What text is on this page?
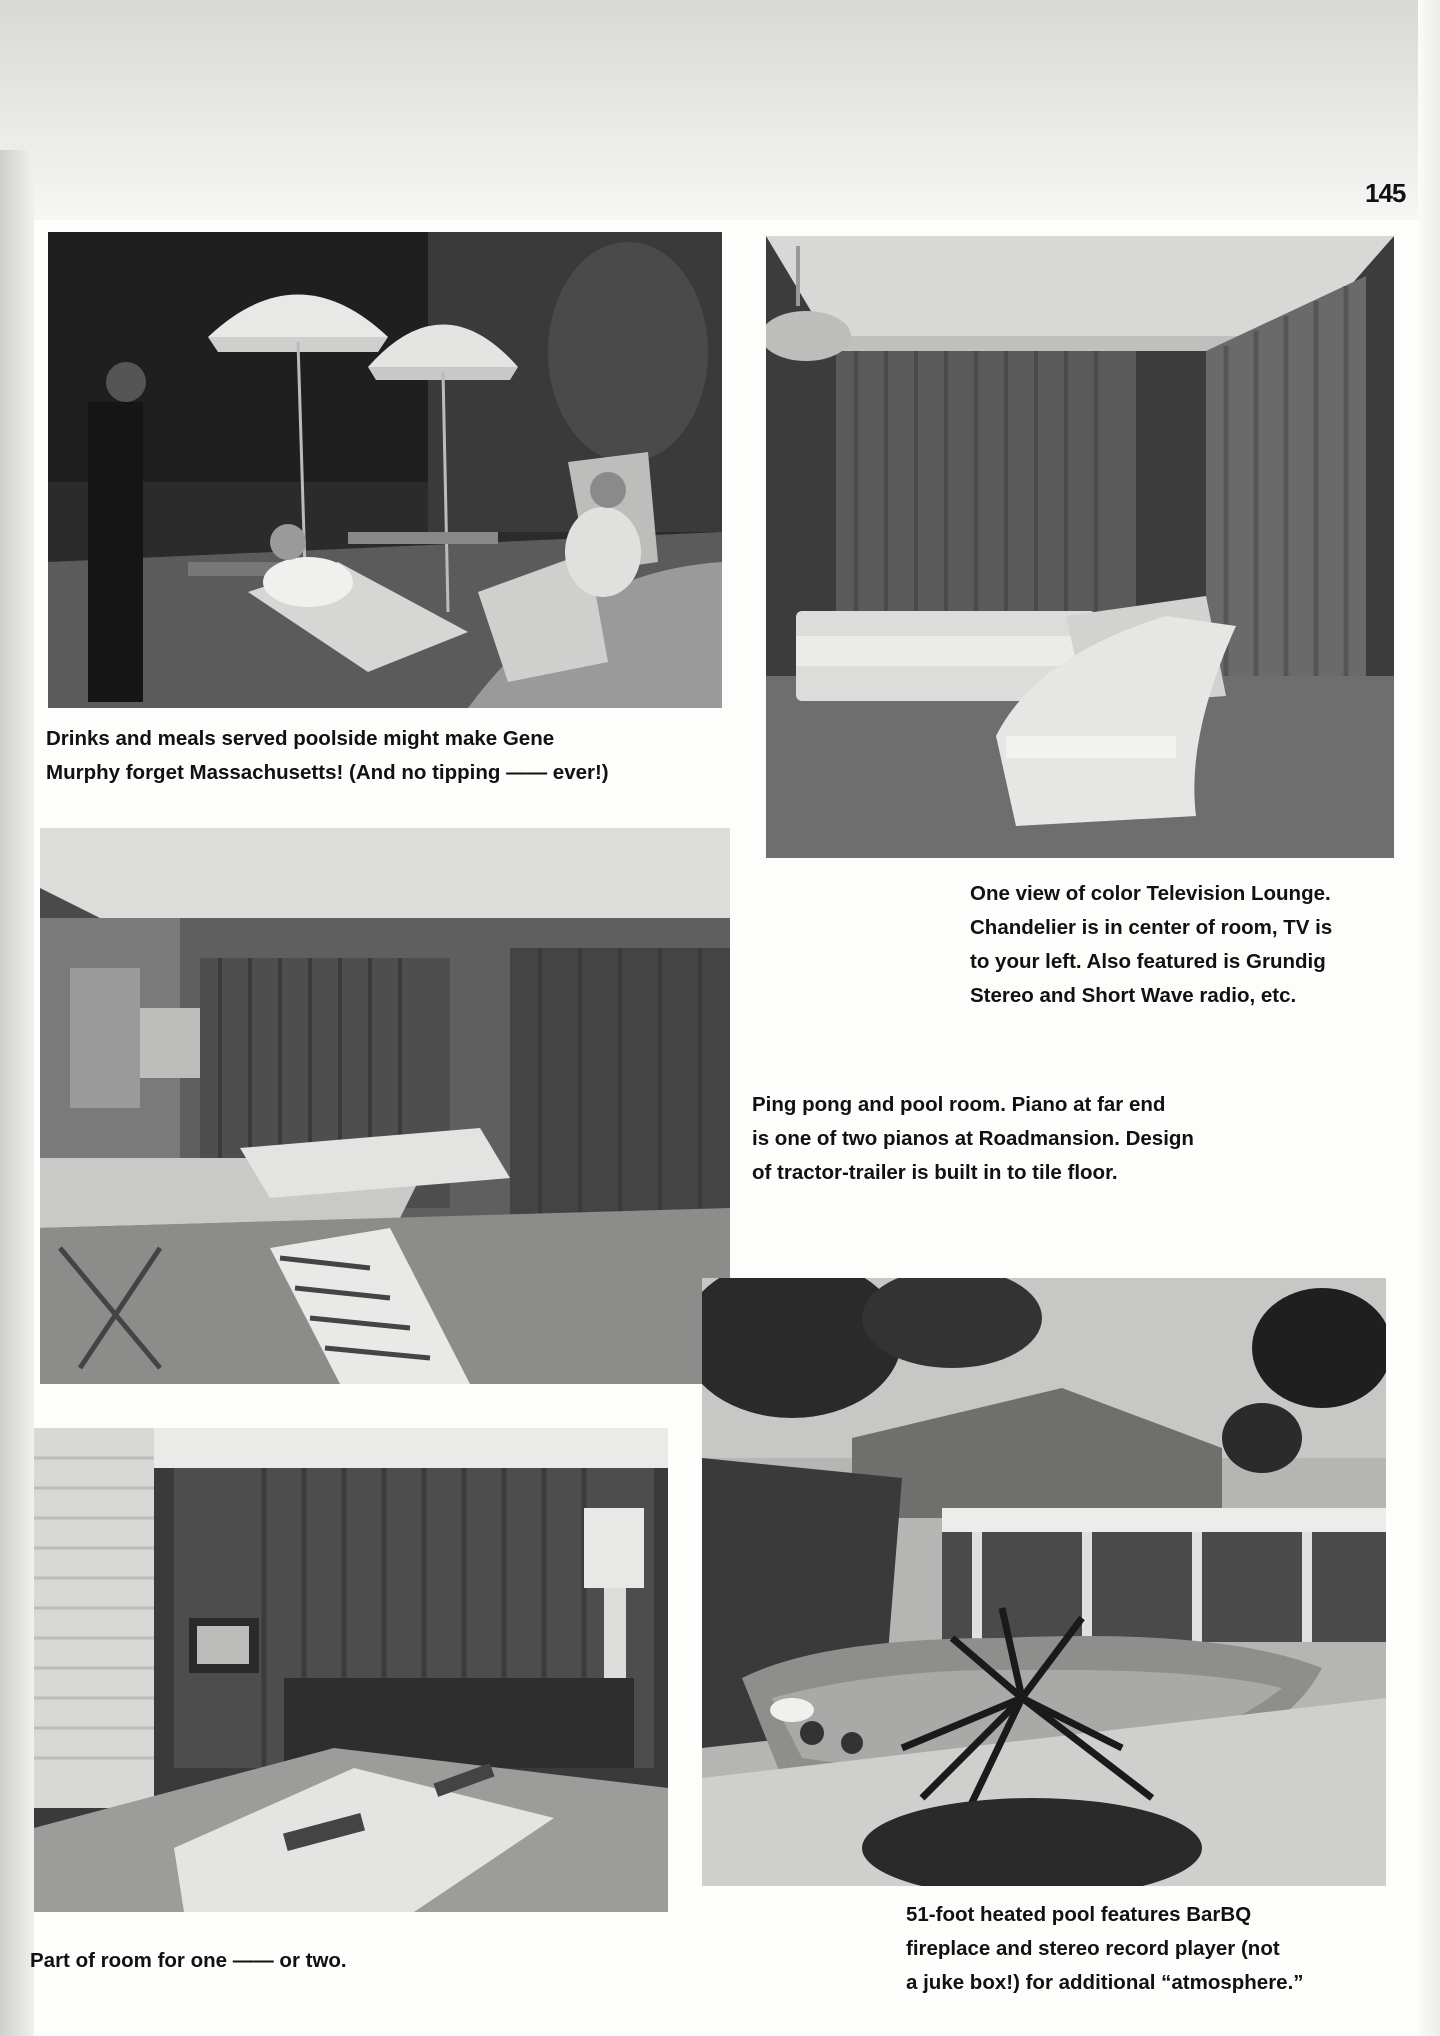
145

Drinks and meals served poolside might make Gene
Murphy forget Massachusetts! (And no tipping —— ever!)

One view of color Television Lounge.
Chandelier is in center of room, TV is
to your left. Also featured is Grundig
Stereo and Short Wave radio, etc.

Ping pong and pool room. Piano at far end
is one of two pianos at Roadmansion. Design
of tractor-trailer is built in to tile floor.

Part of room for one —— or two.

51-foot heated pool features BarBQ
fireplace and stereo record player (not
a juke box!) for additional “atmosphere.”
